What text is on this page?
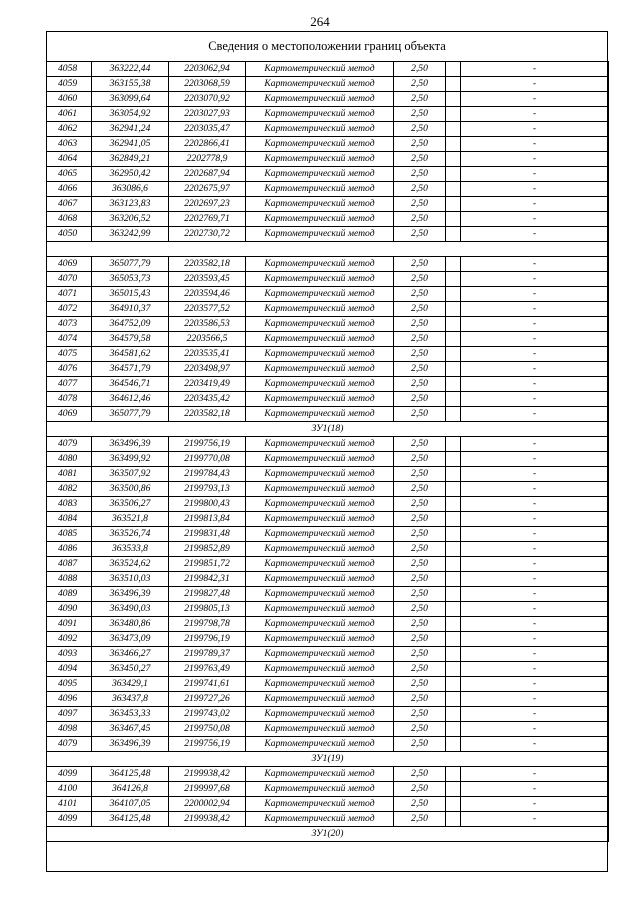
264
Сведения о местоположении границ объекта
4058	363222,44	2203062,94	Картометрический метод	2,50		-
4059	363155,38	2203068,59	Картометрический метод	2,50		-
4060	363099,64	2203070,92	Картометрический метод	2,50		-
4061	363054,92	2203027,93	Картометрический метод	2,50		-
4062	362941,24	2203035,47	Картометрический метод	2,50		-
4063	362941,05	2202866,41	Картометрический метод	2,50		-
4064	362849,21	2202778,9	Картометрический метод	2,50		-
4065	362950,42	2202687,94	Картометрический метод	2,50		-
4066	363086,6	2202675,97	Картометрический метод	2,50		-
4067	363123,83	2202697,23	Картометрический метод	2,50		-
4068	363206,52	2202769,71	Картометрический метод	2,50		-
4050	363242,99	2202730,72	Картометрический метод	2,50		-

4069	365077,79	2203582,18	Картометрический метод	2,50		-
4070	365053,73	2203593,45	Картометрический метод	2,50		-
4071	365015,43	2203594,46	Картометрический метод	2,50		-
4072	364910,37	2203577,52	Картометрический метод	2,50		-
4073	364752,09	2203586,53	Картометрический метод	2,50		-
4074	364579,58	2203566,5	Картометрический метод	2,50		-
4075	364581,62	2203535,41	Картометрический метод	2,50		-
4076	364571,79	2203498,97	Картометрический метод	2,50		-
4077	364546,71	2203419,49	Картометрический метод	2,50		-
4078	364612,46	2203435,42	Картометрический метод	2,50		-
4069	365077,79	2203582,18	Картометрический метод	2,50		-
ЗУ1(18)						
4079	363496,39	2199756,19	Картометрический метод	2,50		-
4080	363499,92	2199770,08	Картометрический метод	2,50		-
4081	363507,92	2199784,43	Картометрический метод	2,50		-
4082	363500,86	2199793,13	Картометрический метод	2,50		-
4083	363506,27	2199800,43	Картометрический метод	2,50		-
4084	363521,8	2199813,84	Картометрический метод	2,50		-
4085	363526,74	2199831,48	Картометрический метод	2,50		-
4086	363533,8	2199852,89	Картометрический метод	2,50		-
4087	363524,62	2199851,72	Картометрический метод	2,50		-
4088	363510,03	2199842,31	Картометрический метод	2,50		-
4089	363496,39	2199827,48	Картометрический метод	2,50		-
4090	363490,03	2199805,13	Картометрический метод	2,50		-
4091	363480,86	2199798,78	Картометрический метод	2,50		-
4092	363473,09	2199796,19	Картометрический метод	2,50		-
4093	363466,27	2199789,37	Картометрический метод	2,50		-
4094	363450,27	2199763,49	Картометрический метод	2,50		-
4095	363429,1	2199741,61	Картометрический метод	2,50		-
4096	363437,8	2199727,26	Картометрический метод	2,50		-
4097	363453,33	2199743,02	Картометрический метод	2,50		-
4098	363467,45	2199750,08	Картометрический метод	2,50		-
4079	363496,39	2199756,19	Картометрический метод	2,50		-
ЗУ1(19)						
4099	364125,48	2199938,42	Картометрический метод	2,50		-
4100	364126,8	2199997,68	Картометрический метод	2,50		-
4101	364107,05	2200002,94	Картометрический метод	2,50		-
4099	364125,48	2199938,42	Картометрический метод	2,50		-
ЗУ1(20)						
